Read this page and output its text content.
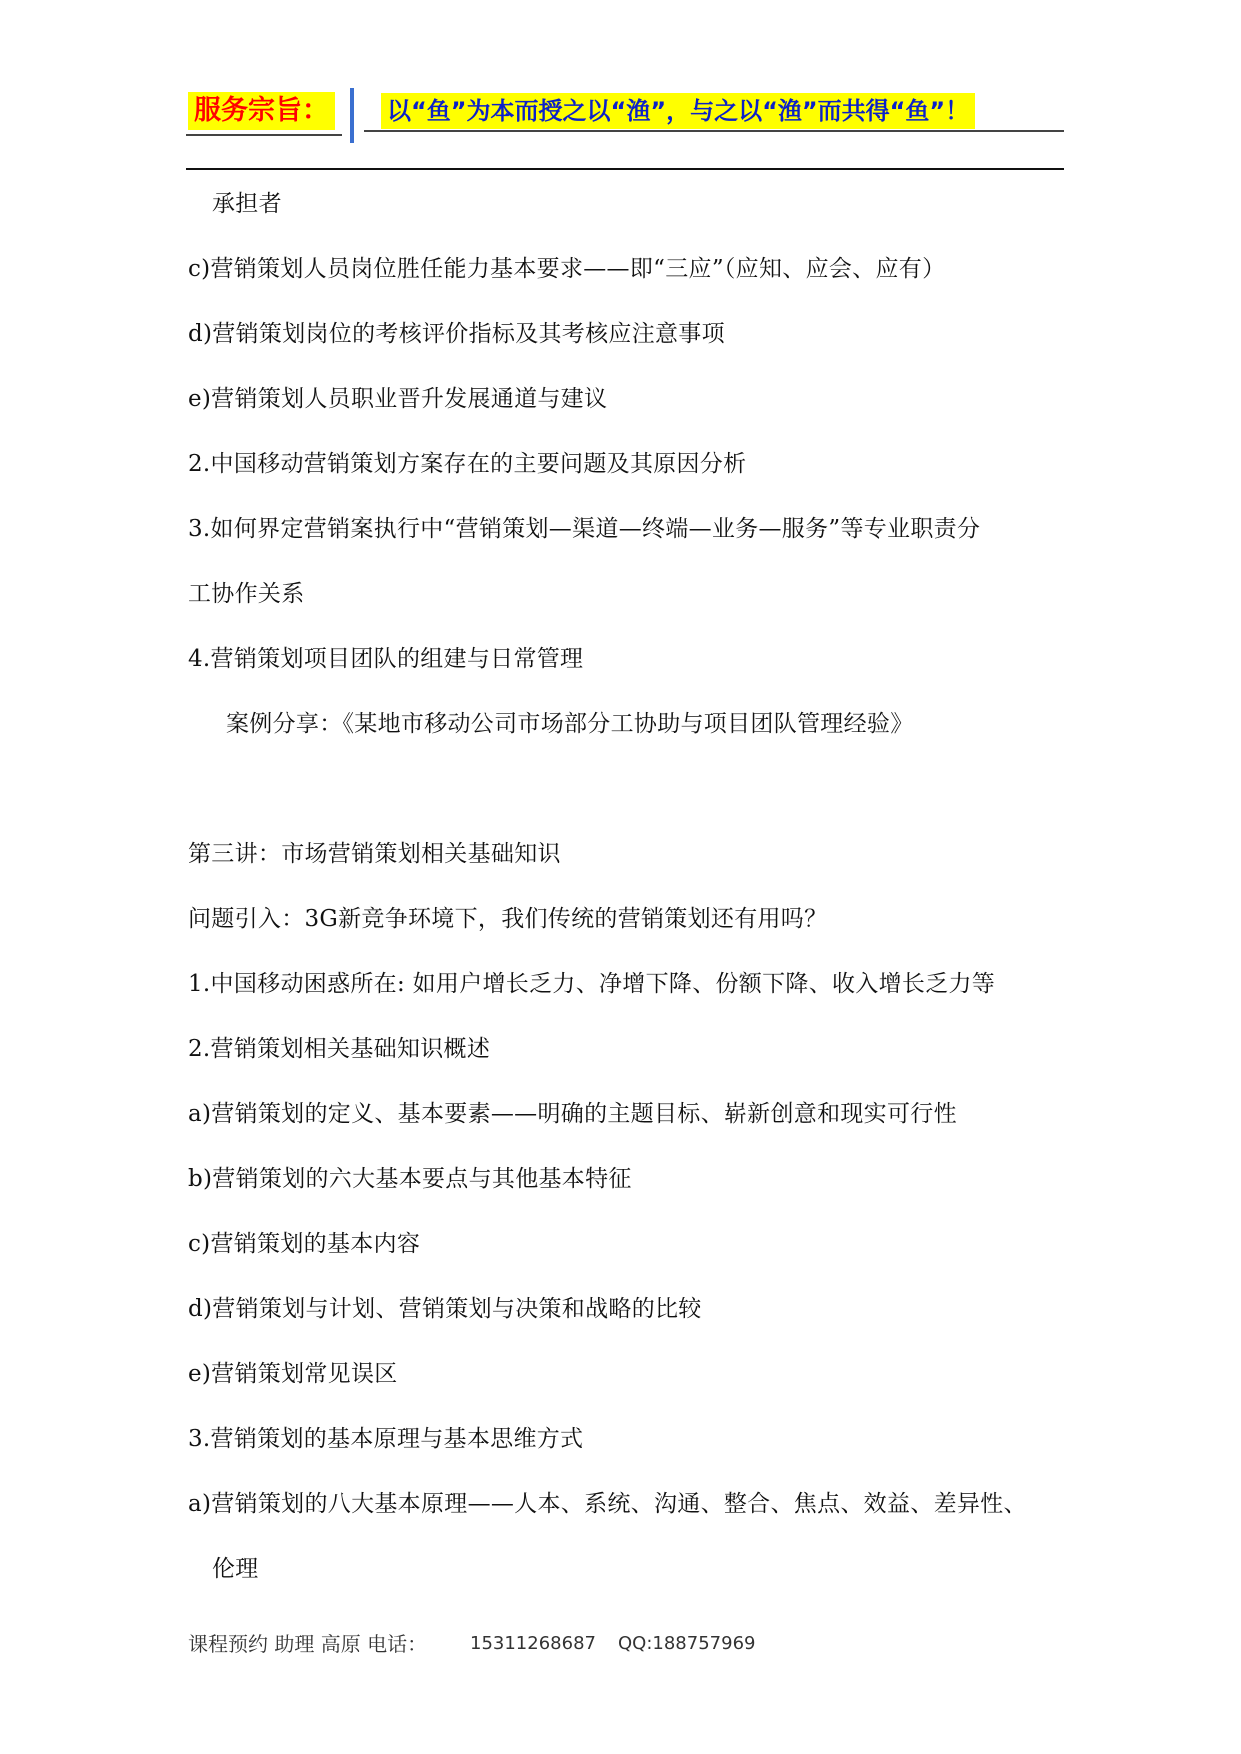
服务宗旨： 以“鱼”为本而授之以“渔”，与之以“渔”而共得“鱼”！
承担者
c)营销策划人员岗位胜任能力基本要求——即“三应”（应知、应会、应有）
d)营销策划岗位的考核评价指标及其考核应注意事项
e)营销策划人员职业晋升发展通道与建议
2.中国移动营销策划方案存在的主要问题及其原因分析
3.如何界定营销案执行中“营销策划—渠道—终端—业务—服务”等专业职责分
工协作关系
4.营销策划项目团队的组建与日常管理
案例分享：《某地市移动公司市场部分工协助与项目团队管理经验》
第三讲：市场营销策划相关基础知识
问题引入：3G新竞争环境下，我们传统的营销策划还有用吗？
1.中国移动困惑所在: 如用户增长乏力、净增下降、份额下降、收入增长乏力等
2.营销策划相关基础知识概述
a)营销策划的定义、基本要素——明确的主题目标、崭新创意和现实可行性
b)营销策划的六大基本要点与其他基本特征
c)营销策划的基本内容
d)营销策划与计划、营销策划与决策和战略的比较
e)营销策划常见误区
3.营销策划的基本原理与基本思维方式
a)营销策划的八大基本原理——人本、系统、沟通、整合、焦点、效益、差异性、
伦理
课程预约 助理 高原 电话： 15311268687 QQ:188757969
